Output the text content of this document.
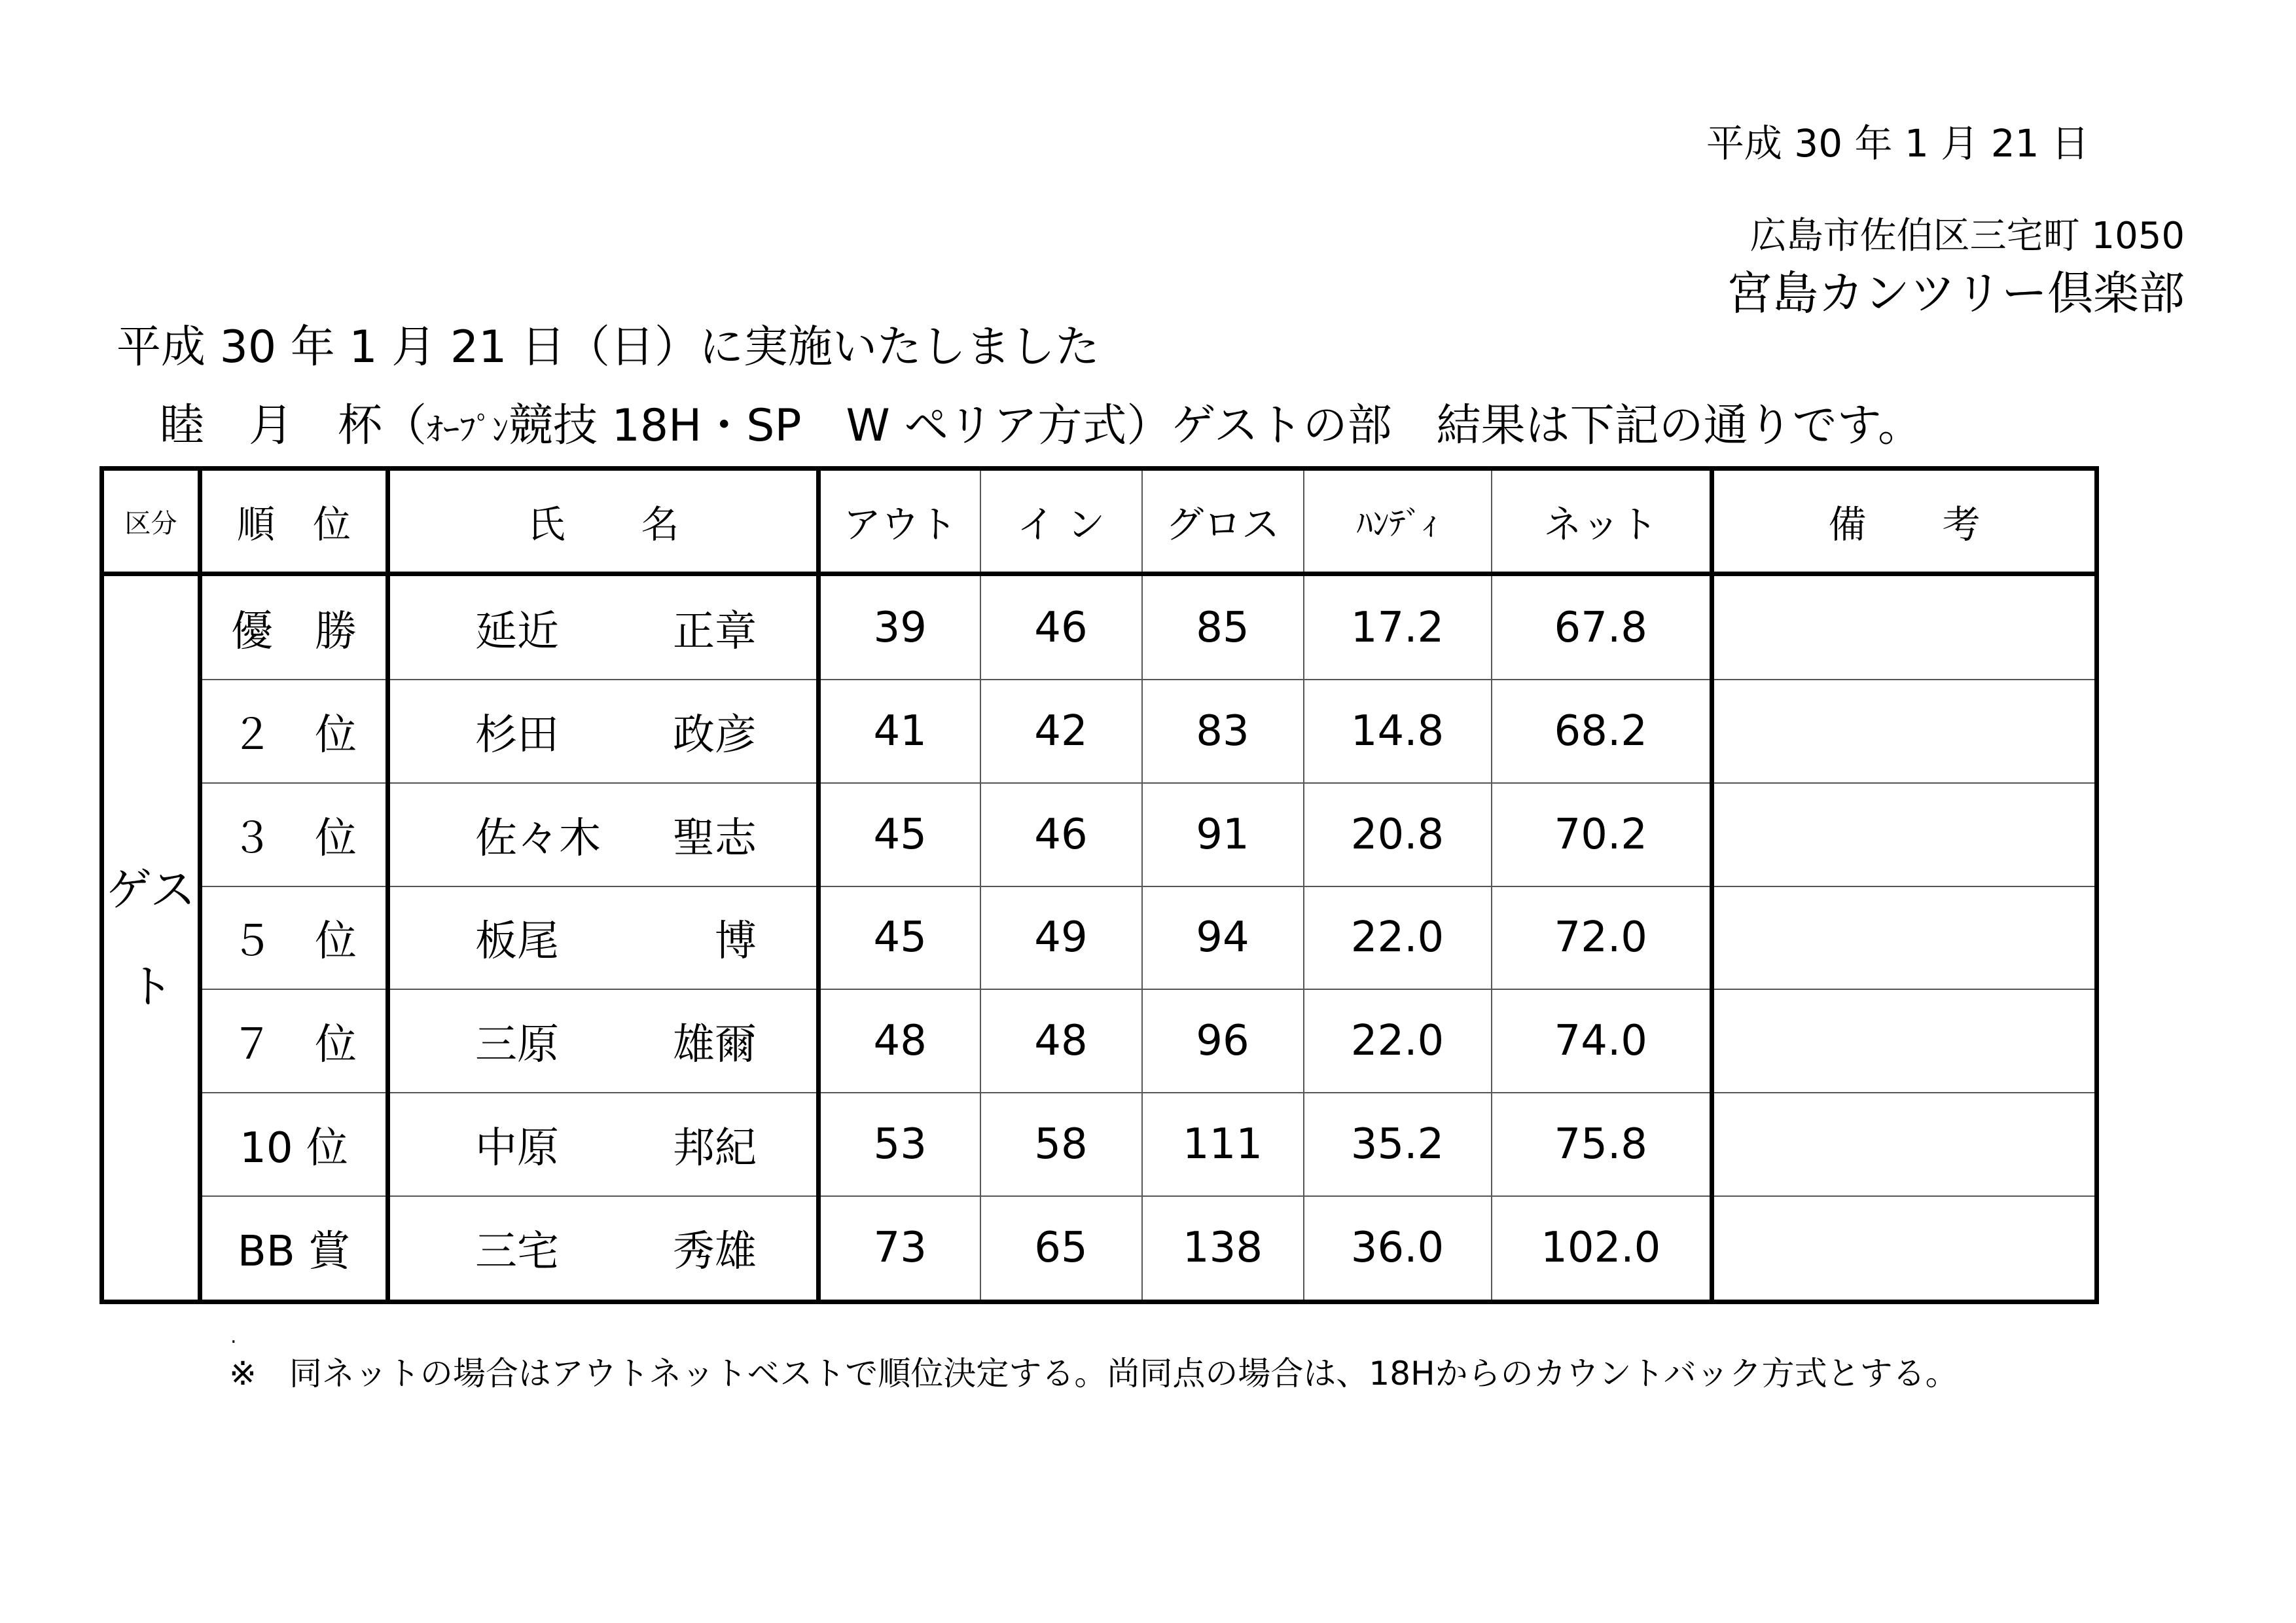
平成 30 年 1 月 21 日
広島市佐伯区三宅町 1050
宮島カンツリー倶楽部
平成 30 年 1 月 21 日（日）に実施いたしました
睦　月　杯（ｵｰﾌﾟﾝ競技 18H・SP　W ペリア方式）ゲストの部　結果は下記の通りです。
区分	順　位	氏　　名	アウト	イ ン	グロス	ﾊﾝﾃﾞｨ	ネット	備　　考
ゲスト	優　勝	延近 正章	39	46	85	17.2	67.8	
	２　位	杉田 政彦	41	42	83	14.8	68.2	
	３　位	佐々木 聖志	45	46	91	20.8	70.2	
	５　位	板尾 博	45	49	94	22.0	72.0	
	７　位	三原 雄爾	48	48	96	22.0	74.0	
	10 位	中原 邦紀	53	58	111	35.2	75.8	
	BB 賞	三宅 秀雄	73	65	138	36.0	102.0	
.
※　同ネットの場合はアウトネットベストで順位決定する。尚同点の場合は、18Hからのカウントバック方式とする。
